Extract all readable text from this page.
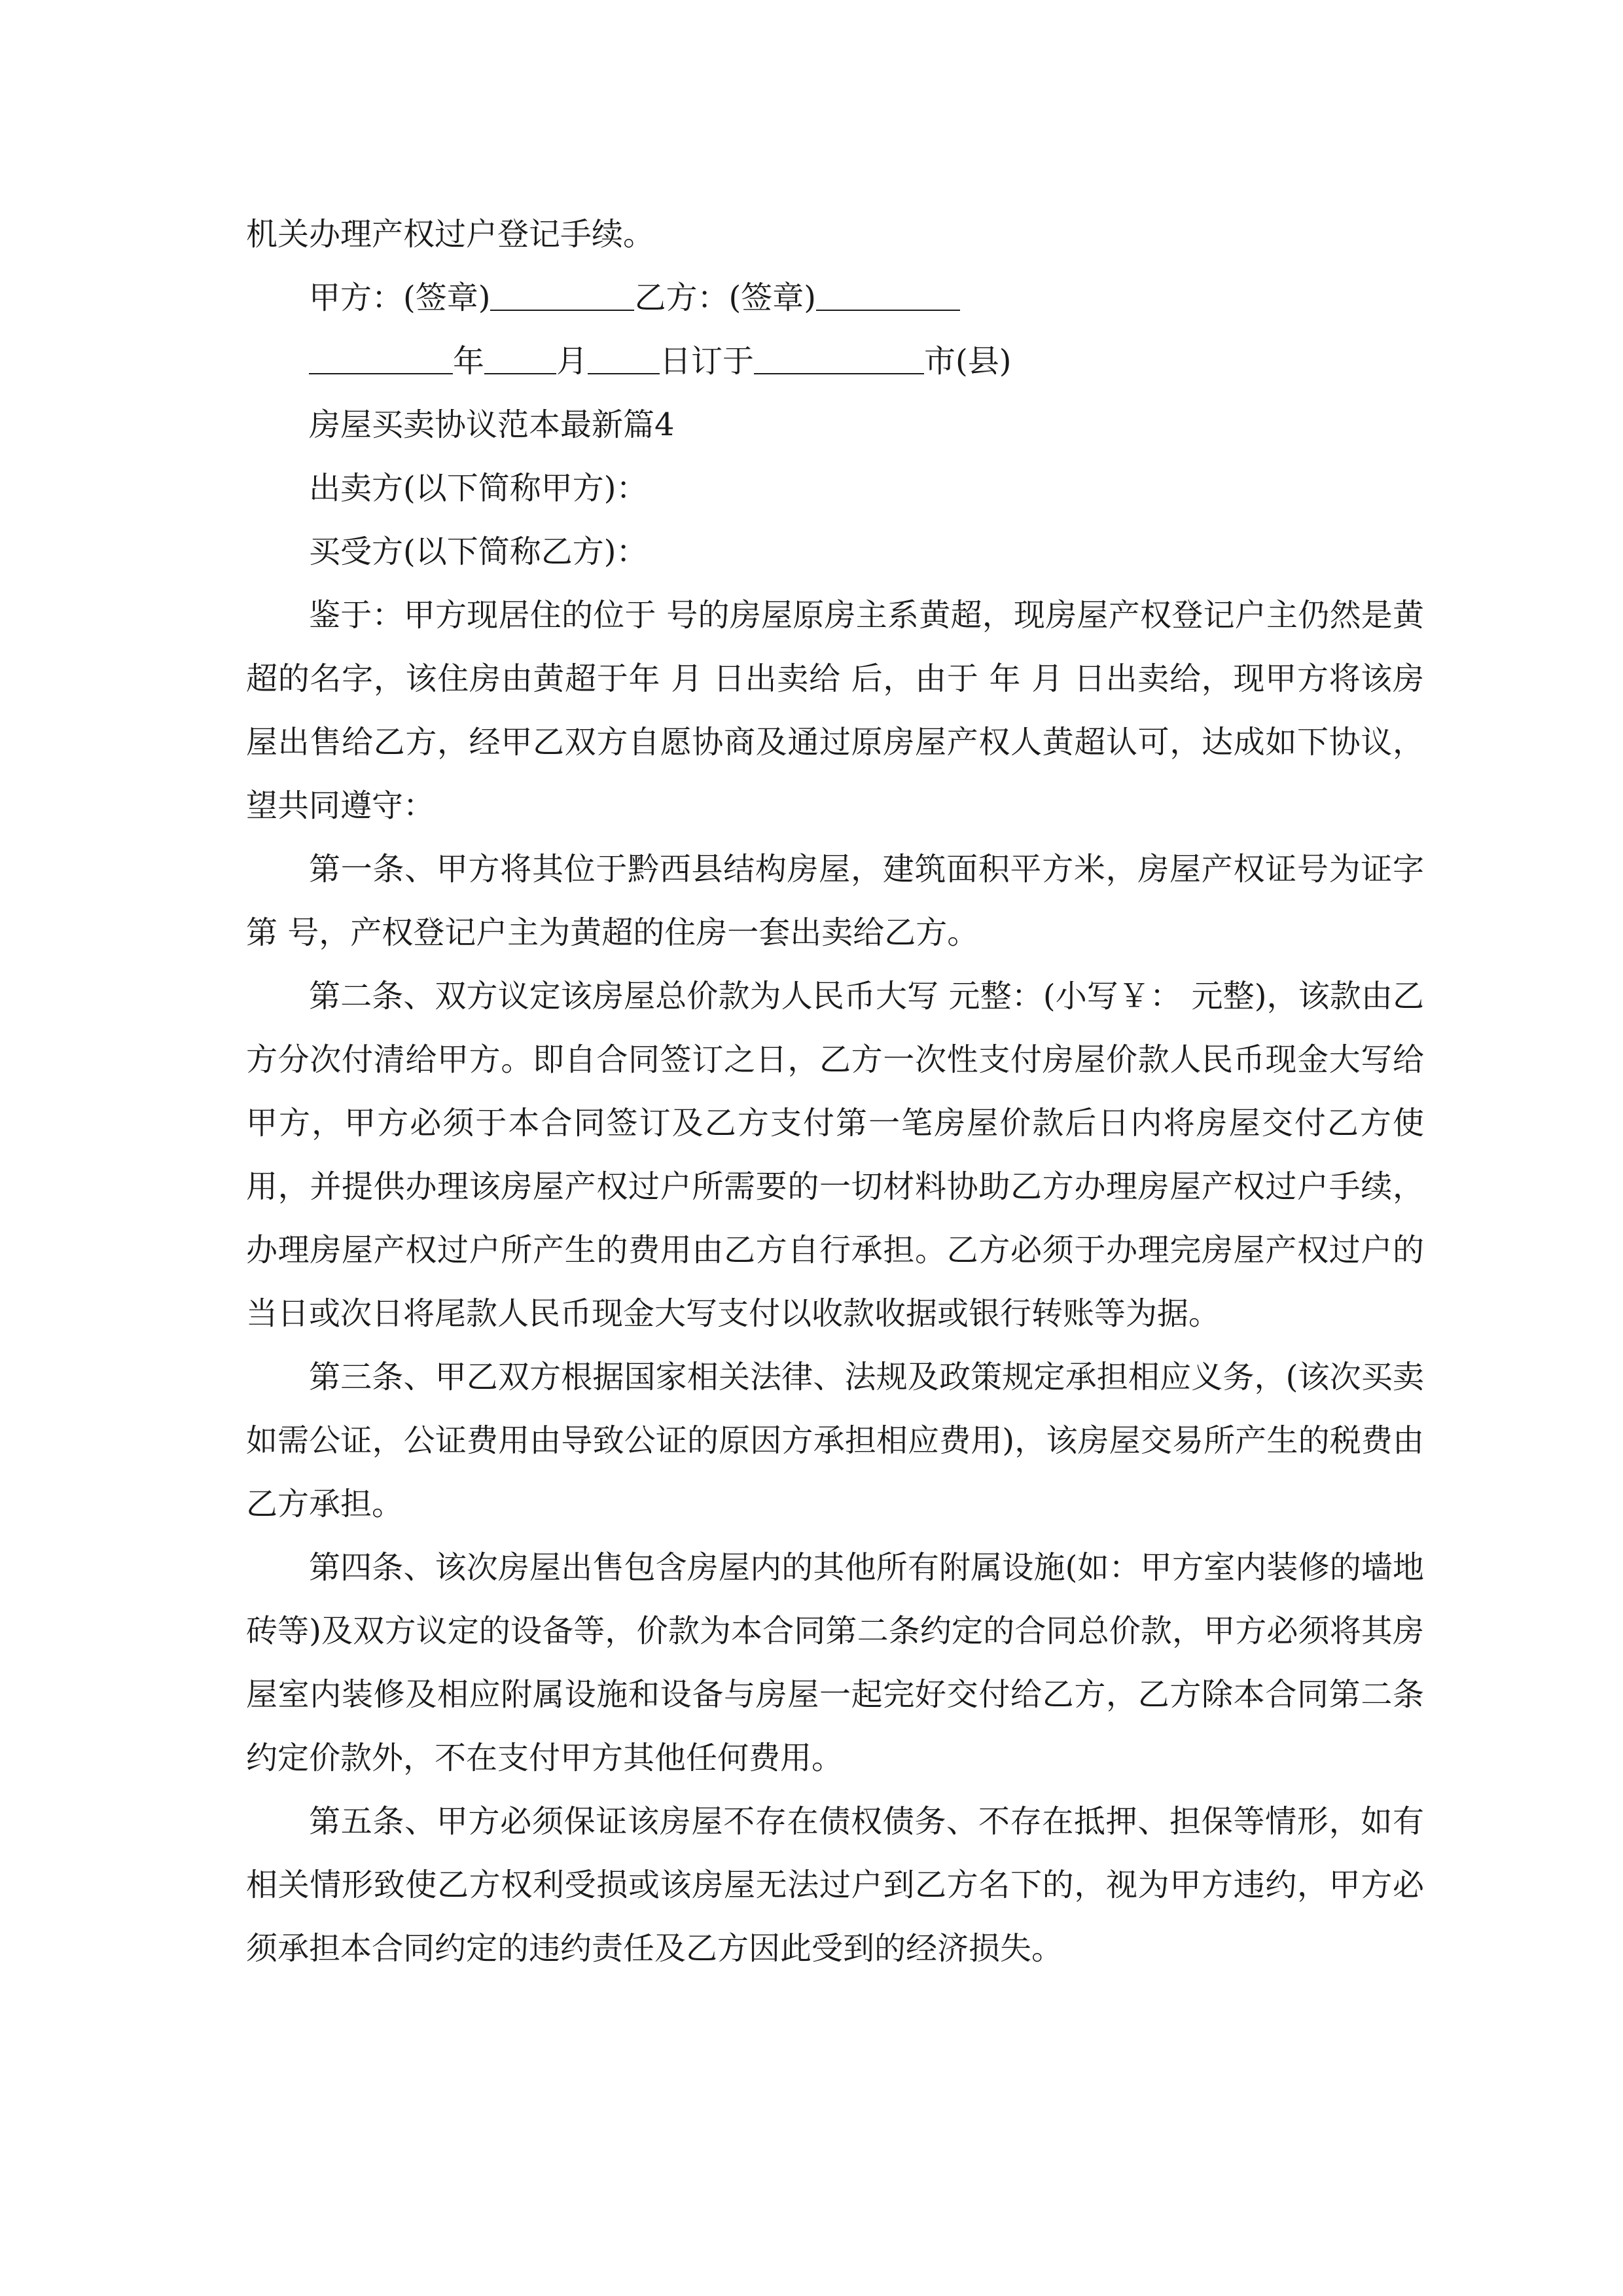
机关办理产权过户登记手续。

甲方：(签章)	乙方：(签章)

年 月 日订于	市(县)

房屋买卖协议范本最新篇4

出卖方(以下简称甲方)：

买受方(以下简称乙方)：

鉴于：甲方现居住的位于 号的房屋原房主系黄超，现房屋产权登记户主仍然是黄超的名字，该住房由黄超于年 月 日出卖给 后，由于 年 月 日出卖给，现甲方将该房屋出售给乙方，经甲乙双方自愿协商及通过原房屋产权人黄超认可，达成如下协议，望共同遵守：

第一条、甲方将其位于黔西县结构房屋，建筑面积平方米，房屋产权证号为证字第 号，产权登记户主为黄超的住房一套出卖给乙方。

第二条、双方议定该房屋总价款为人民币大写 元整：(小写￥： 元整)，该款由乙方分次付清给甲方。即自合同签订之日，乙方一次性支付房屋价款人民币现金大写给甲方，甲方必须于本合同签订及乙方支付第一笔房屋价款后日内将房屋交付乙方使用，并提供办理该房屋产权过户所需要的一切材料协助乙方办理房屋产权过户手续，办理房屋产权过户所产生的费用由乙方自行承担。乙方必须于办理完房屋产权过户的当日或次日将尾款人民币现金大写支付以收款收据或银行转账等为据。

第三条、甲乙双方根据国家相关法律、法规及政策规定承担相应义务，(该次买卖如需公证，公证费用由导致公证的原因方承担相应费用)，该房屋交易所产生的税费由乙方承担。

第四条、该次房屋出售包含房屋内的其他所有附属设施(如：甲方室内装修的墙地砖等)及双方议定的设备等，价款为本合同第二条约定的合同总价款，甲方必须将其房屋室内装修及相应附属设施和设备与房屋一起完好交付给乙方，乙方除本合同第二条约定价款外，不在支付甲方其他任何费用。

第五条、甲方必须保证该房屋不存在债权债务、不存在抵押、担保等情形，如有相关情形致使乙方权利受损或该房屋无法过户到乙方名下的，视为甲方违约，甲方必须承担本合同约定的违约责任及乙方因此受到的经济损失。
